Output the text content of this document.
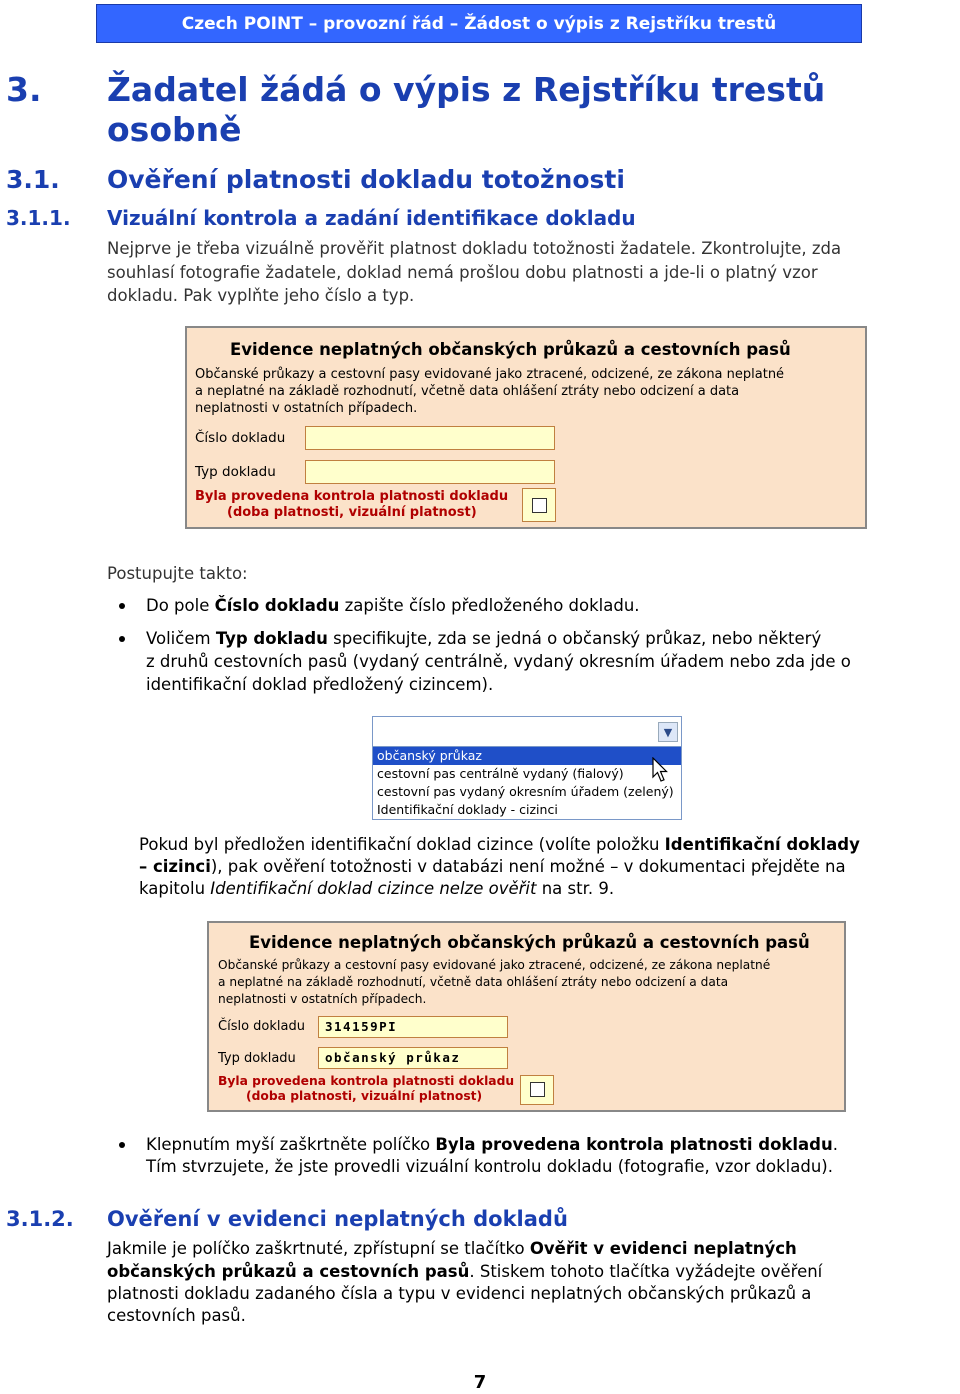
Czech POINT – provozní řád – Žádost o výpis z Rejstříku trestů
3. Žadatel žádá o výpis z Rejstříku trestů
osobně
3.1. Ověření platnosti dokladu totožnosti
3.1.1. Vizuální kontrola a zadání identifikace dokladu
Nejprve je třeba vizuálně prověřit platnost dokladu totožnosti žadatele. Zkontrolujte, zda
souhlasí fotografie žadatele, doklad nemá prošlou dobu platnosti a jde-li o platný vzor
dokladu. Pak vyplňte jeho číslo a typ.
Evidence neplatných občanských průkazů a cestovních pasů
Občanské průkazy a cestovní pasy evidované jako ztracené, odcizené, ze zákona neplatné
a neplatné na základě rozhodnutí, včetně data ohlášení ztráty nebo odcizení a data
neplatnosti v ostatních případech.
Číslo dokladu
Typ dokladu
Byla provedena kontrola platnosti dokladu
(doba platnosti, vizuální platnost)
Postupujte takto:
Do pole Číslo dokladu zapište číslo předloženého dokladu.
Voličem Typ dokladu specifikujte, zda se jedná o občanský průkaz, nebo některý
z druhů cestovních pasů (vydaný centrálně, vydaný okresním úřadem nebo zda jde o
identifikační doklad předložený cizincem).
▼
občanský průkaz
cestovní pas centrálně vydaný (fialový)
cestovní pas vydaný okresním úřadem (zelený)
Identifikační doklady - cizinci
Pokud byl předložen identifikační doklad cizince (volíte položku Identifikační doklady
– cizinci), pak ověření totožnosti v databázi není možné – v dokumentaci přejděte na
kapitolu Identifikační doklad cizince nelze ověřit na str. 9.
Evidence neplatných občanských průkazů a cestovních pasů
Občanské průkazy a cestovní pasy evidované jako ztracené, odcizené, ze zákona neplatné
a neplatné na základě rozhodnutí, včetně data ohlášení ztráty nebo odcizení a data
neplatnosti v ostatních případech.
Číslo dokladu	314159PI
Typ dokladu	občanský průkaz
Byla provedena kontrola platnosti dokladu
(doba platnosti, vizuální platnost)
Klepnutím myší zaškrtněte políčko Byla provedena kontrola platnosti dokladu.
Tím stvrzujete, že jste provedli vizuální kontrolu dokladu (fotografie, vzor dokladu).
3.1.2. Ověření v evidenci neplatných dokladů
Jakmile je políčko zaškrtnuté, zpřístupní se tlačítko Ověřit v evidenci neplatných
občanských průkazů a cestovních pasů. Stiskem tohoto tlačítka vyžádejte ověření
platnosti dokladu zadaného čísla a typu v evidenci neplatných občanských průkazů a
cestovních pasů.
7
